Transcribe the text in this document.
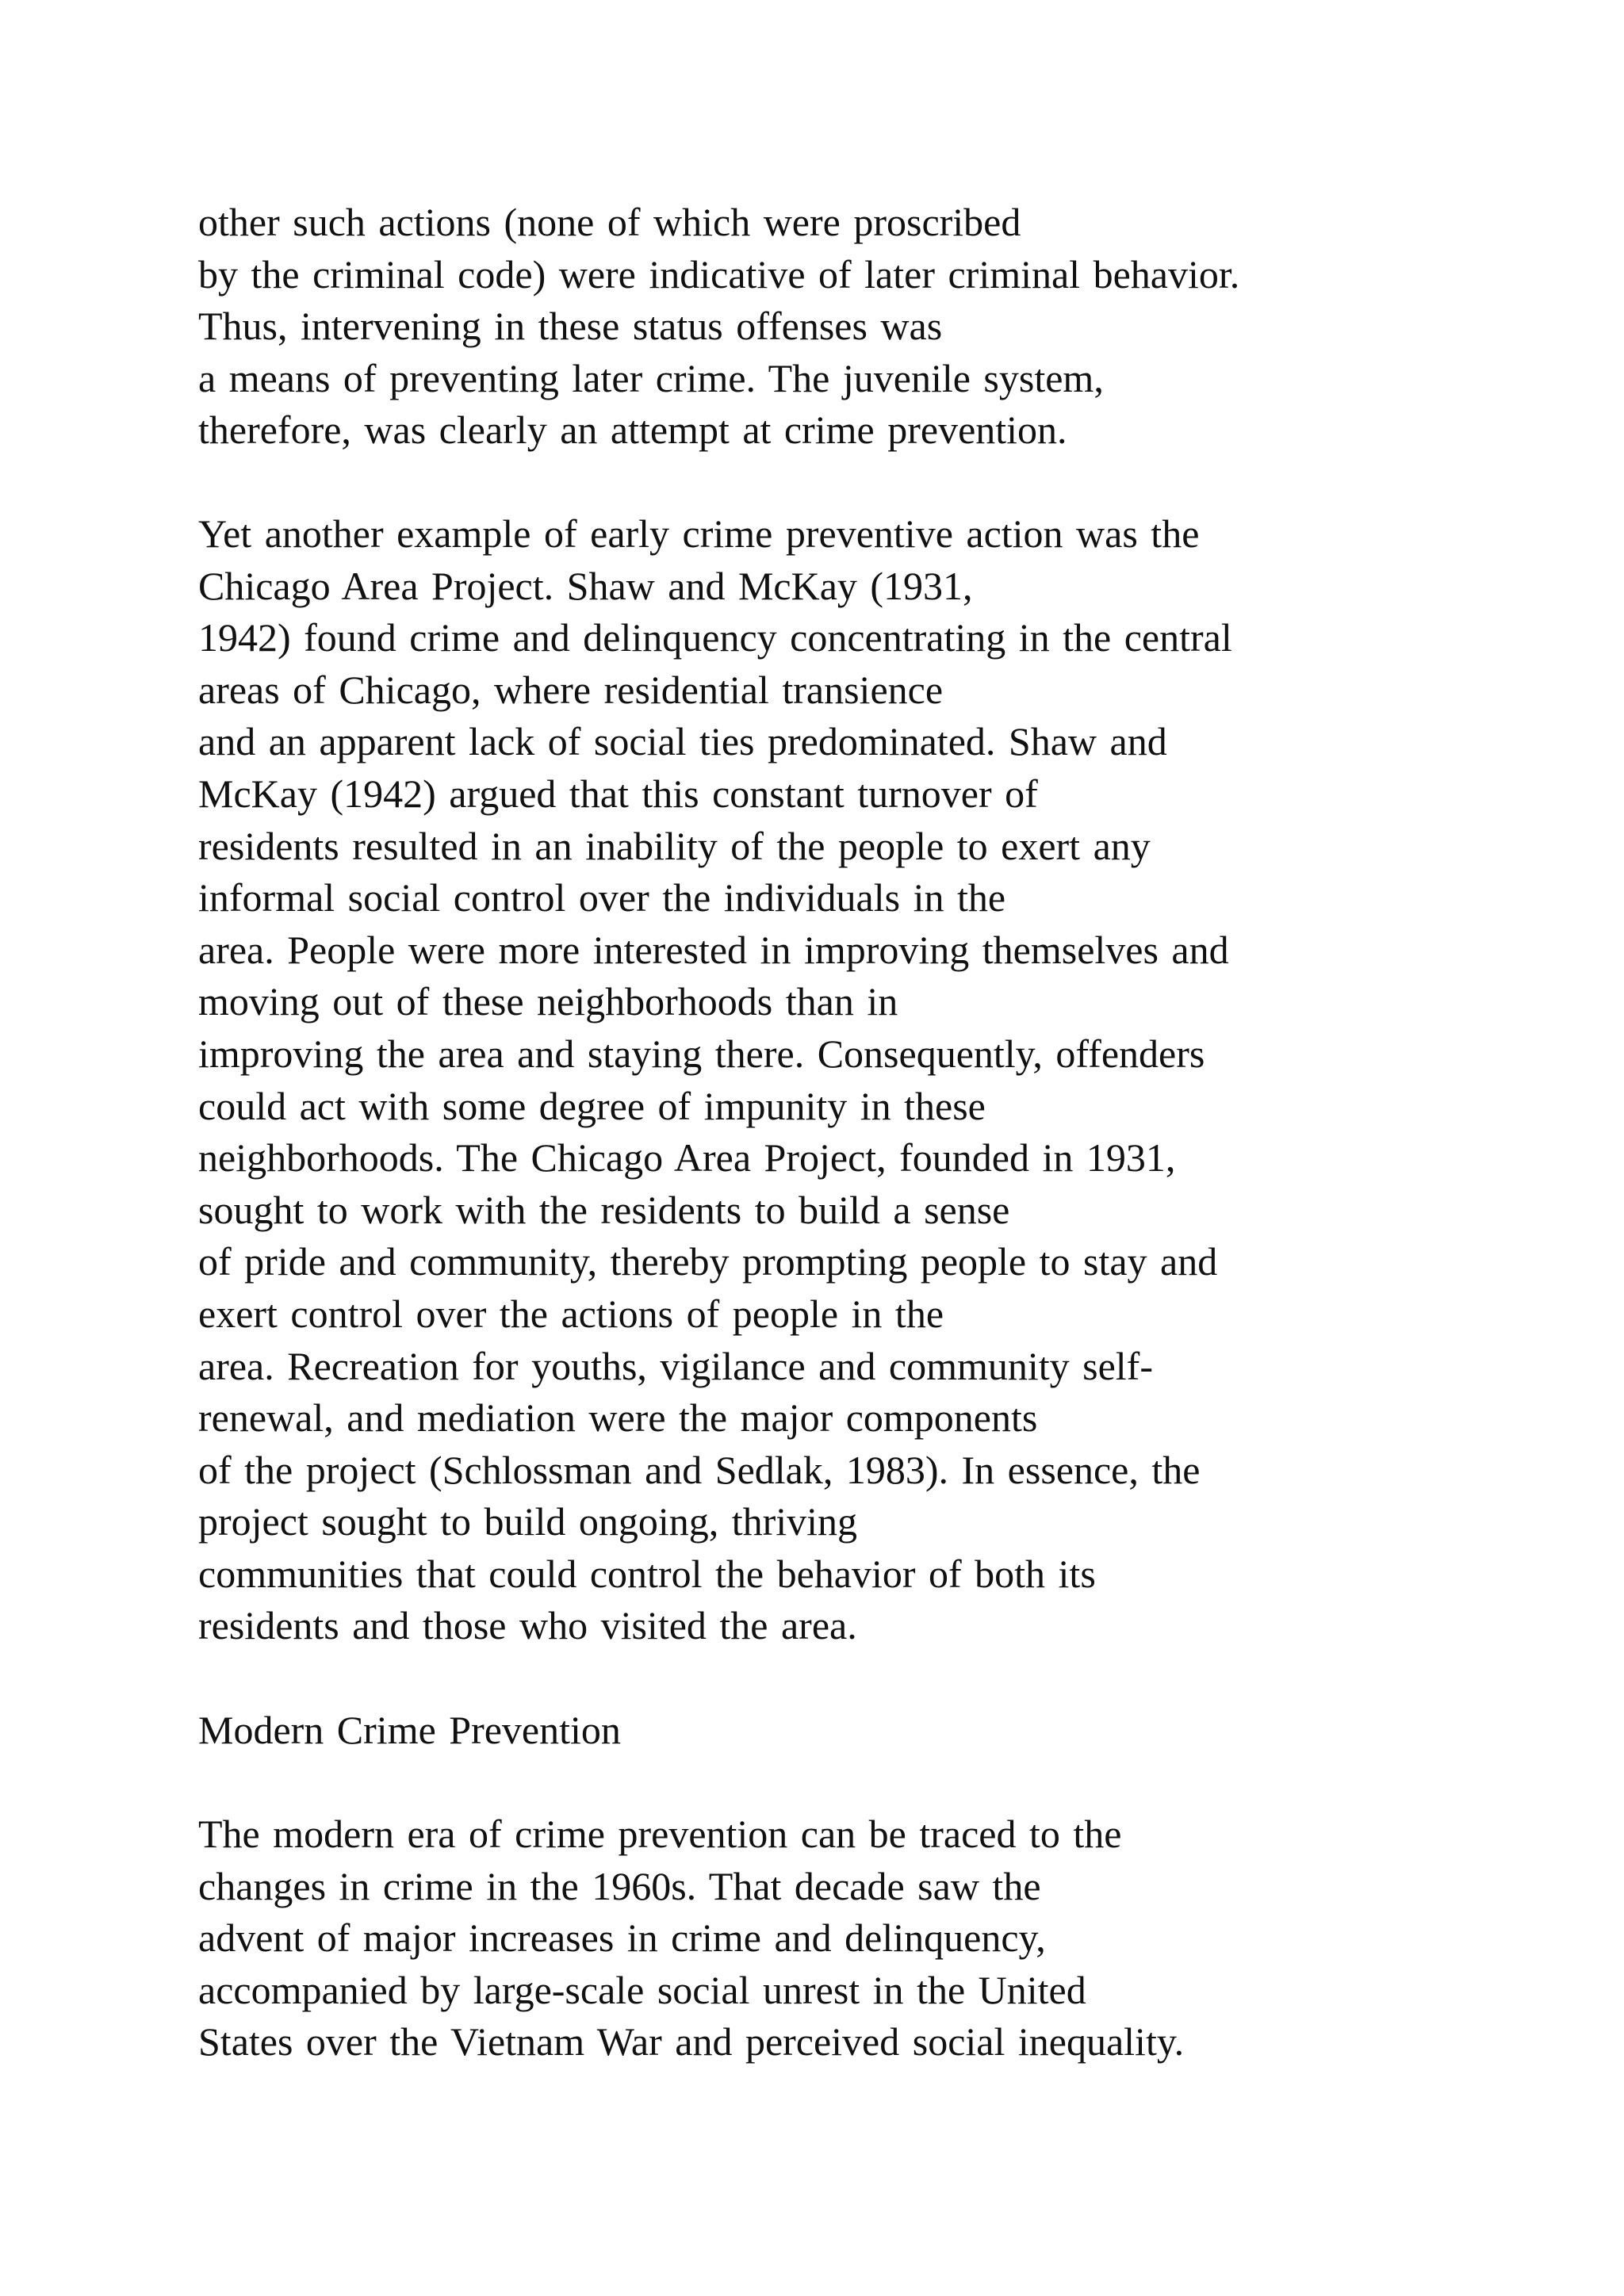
other such actions (none of which were proscribed
by the criminal code) were indicative of later criminal behavior.
Thus, intervening in these status offenses was
a means of preventing later crime. The juvenile system,
therefore, was clearly an attempt at crime prevention.
Yet another example of early crime preventive action was the
Chicago Area Project. Shaw and McKay (1931,
1942) found crime and delinquency concentrating in the central
areas of Chicago, where residential transience
and an apparent lack of social ties predominated. Shaw and
McKay (1942) argued that this constant turnover of
residents resulted in an inability of the people to exert any
informal social control over the individuals in the
area. People were more interested in improving themselves and
moving out of these neighborhoods than in
improving the area and staying there. Consequently, offenders
could act with some degree of impunity in these
neighborhoods. The Chicago Area Project, founded in 1931,
sought to work with the residents to build a sense
of pride and community, thereby prompting people to stay and
exert control over the actions of people in the
area. Recreation for youths, vigilance and community self-
renewal, and mediation were the major components
of the project (Schlossman and Sedlak, 1983). In essence, the
project sought to build ongoing, thriving
communities that could control the behavior of both its
residents and those who visited the area.
Modern Crime Prevention
The modern era of crime prevention can be traced to the
changes in crime in the 1960s. That decade saw the
advent of major increases in crime and delinquency,
accompanied by large-scale social unrest in the United
States over the Vietnam War and perceived social inequality.
